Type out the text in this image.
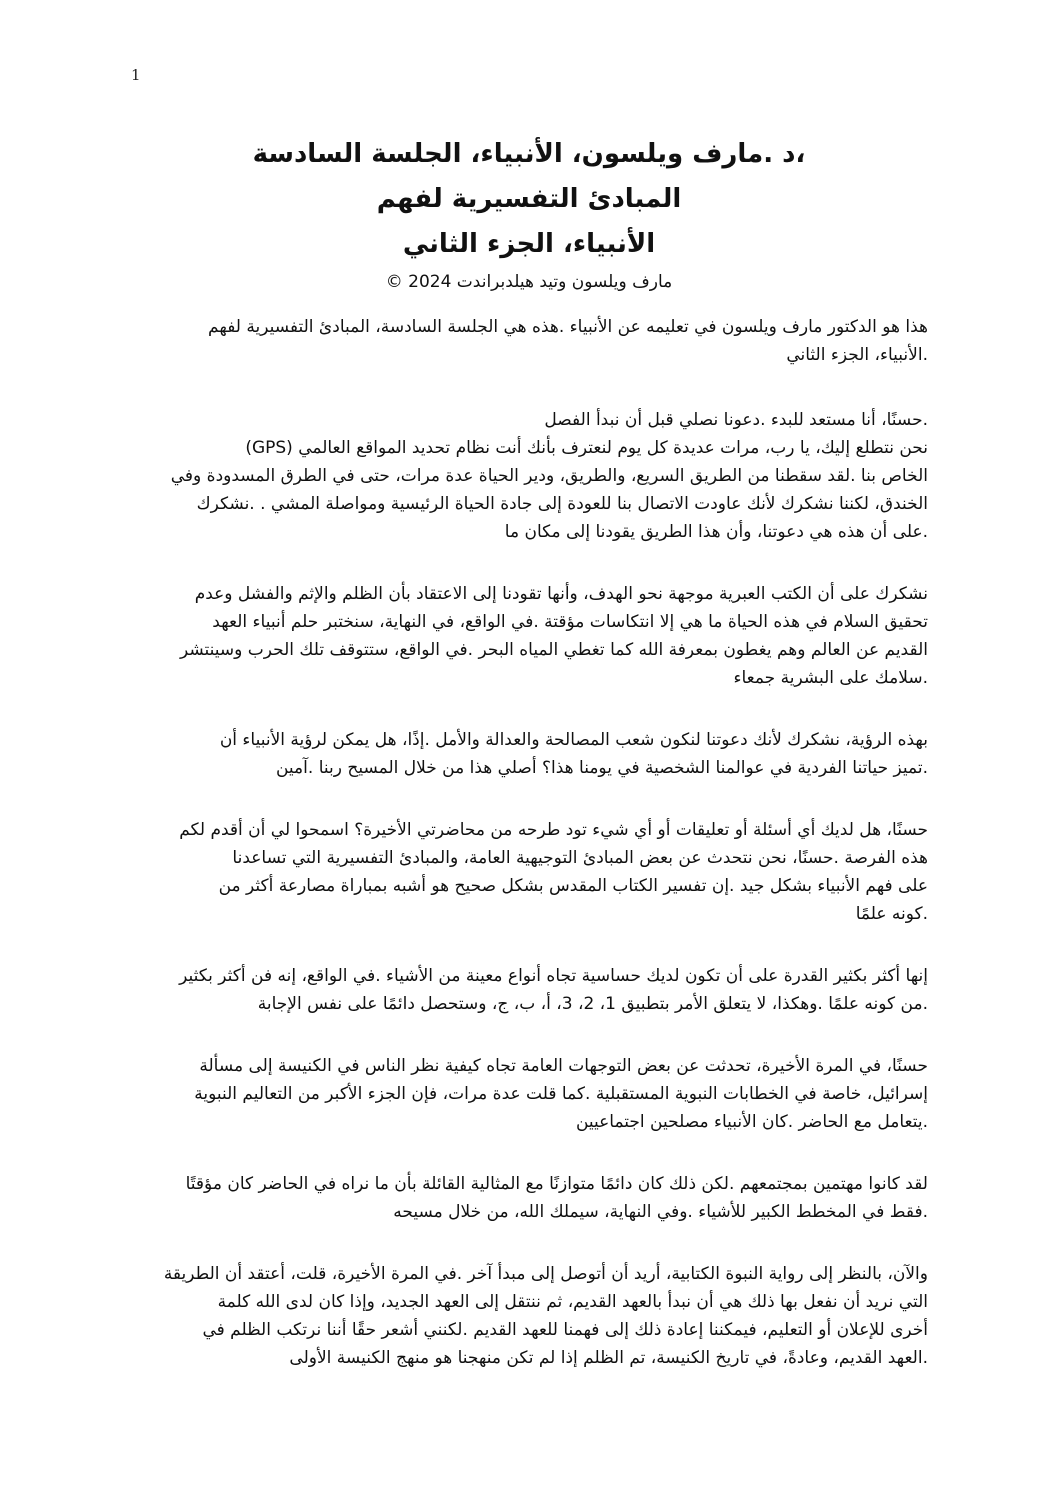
1
،د .مارف ويلسون، الأنبياء، الجلسة السادسة
المبادئ التفسيرية لفهم
الأنبياء، الجزء الثاني
مارف ويلسون وتيد هيلدبراندت 2024 ©

هذا هو الدكتور مارف ويلسون في تعليمه عن الأنبياء .هذه هي الجلسة السادسة، المبادئ التفسيرية لفهم
.الأنبياء، الجزء الثاني

.حسنًا، أنا مستعد للبدء .دعونا نصلي قبل أن نبدأ الفصل
(GPS) نحن نتطلع إليك، يا رب، مرات عديدة كل يوم لنعترف بأنك أنت نظام تحديد المواقع العالمي
الخاص بنا .لقد سقطنا من الطريق السريع، والطريق، ودير الحياة عدة مرات، حتى في الطرق المسدودة وفي
الخندق، لكننا نشكرك لأنك عاودت الاتصال بنا للعودة إلى جادة الحياة الرئيسية ومواصلة المشي . .نشكرك
.على أن هذه هي دعوتنا، وأن هذا الطريق يقودنا إلى مكان ما

نشكرك على أن الكتب العبرية موجهة نحو الهدف، وأنها تقودنا إلى الاعتقاد بأن الظلم والإثم والفشل وعدم
تحقيق السلام في هذه الحياة ما هي إلا انتكاسات مؤقتة .في الواقع، في النهاية، سنختبر حلم أنبياء العهد
القديم عن العالم وهم يغطون بمعرفة الله كما تغطي المياه البحر .في الواقع، ستتوقف تلك الحرب وسينتشر
.سلامك على البشرية جمعاء

بهذه الرؤية، نشكرك لأنك دعوتنا لنكون شعب المصالحة والعدالة والأمل .إذًا، هل يمكن لرؤية الأنبياء أن
.تميز حياتنا الفردية في عوالمنا الشخصية في يومنا هذا؟ أصلي هذا من خلال المسيح ربنا .آمين

حسنًا، هل لديك أي أسئلة أو تعليقات أو أي شيء تود طرحه من محاضرتي الأخيرة؟ اسمحوا لي أن أقدم لكم
هذه الفرصة .حسنًا، نحن نتحدث عن بعض المبادئ التوجيهية العامة، والمبادئ التفسيرية التي تساعدنا
على فهم الأنبياء بشكل جيد .إن تفسير الكتاب المقدس بشكل صحيح هو أشبه بمباراة مصارعة أكثر من
.كونه علمًا

إنها أكثر بكثير القدرة على أن تكون لديك حساسية تجاه أنواع معينة من الأشياء .في الواقع، إنه فن أكثر بكثير
.من كونه علمًا .وهكذا، لا يتعلق الأمر بتطبيق 1، 2، 3، أ، ب، ج، وستحصل دائمًا على نفس الإجابة

حسنًا، في المرة الأخيرة، تحدثت عن بعض التوجهات العامة تجاه كيفية نظر الناس في الكنيسة إلى مسألة
إسرائيل، خاصة في الخطابات النبوية المستقبلية .كما قلت عدة مرات، فإن الجزء الأكبر من التعاليم النبوية
.يتعامل مع الحاضر .كان الأنبياء مصلحين اجتماعيين

لقد كانوا مهتمين بمجتمعهم .لكن ذلك كان دائمًا متوازنًا مع المثالية القائلة بأن ما نراه في الحاضر كان مؤقتًا
.فقط في المخطط الكبير للأشياء .وفي النهاية، سيملك الله، من خلال مسيحه

والآن، بالنظر إلى رواية النبوة الكتابية، أريد أن أتوصل إلى مبدأ آخر .في المرة الأخيرة، قلت، أعتقد أن الطريقة
التي نريد أن نفعل بها ذلك هي أن نبدأ بالعهد القديم، ثم ننتقل إلى العهد الجديد، وإذا كان لدى الله كلمة
أخرى للإعلان أو التعليم، فيمكننا إعادة ذلك إلى فهمنا للعهد القديم .لكنني أشعر حقًا أننا نرتكب الظلم في
.العهد القديم، وعادةً، في تاريخ الكنيسة، تم الظلم إذا لم تكن منهجنا هو منهج الكنيسة الأولى
